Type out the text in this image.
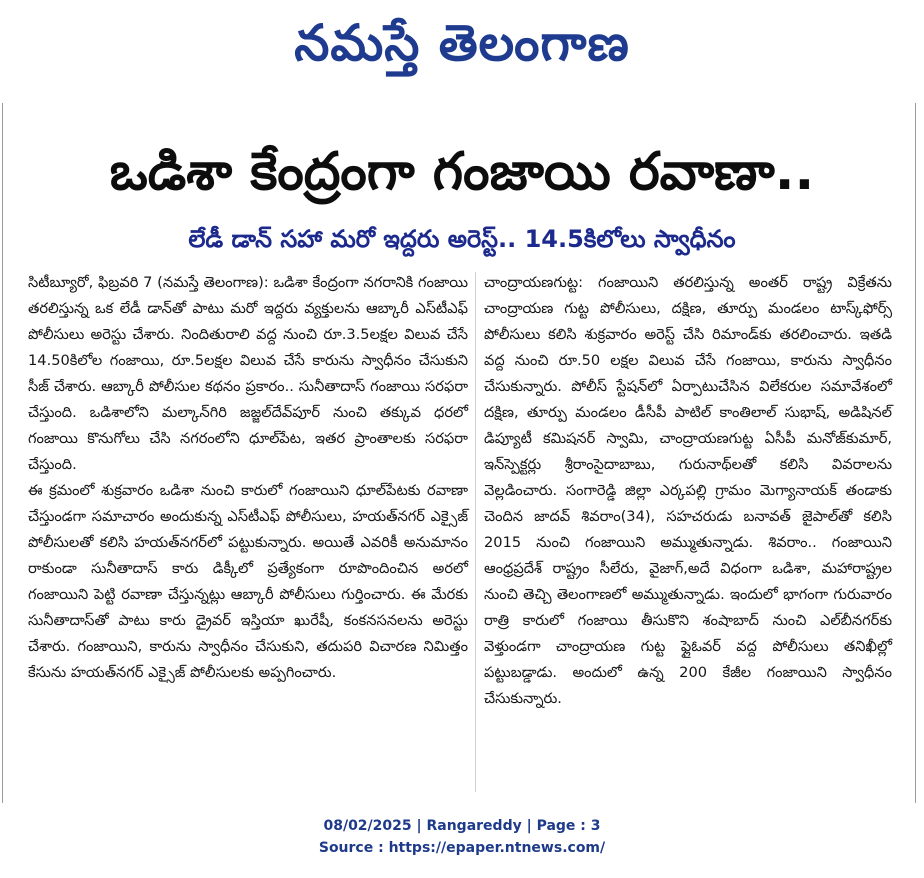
నమస్తే తెలంగాణ
ఒడిశా కేంద్రంగా గంజాయి రవాణా..
లేడీ డాన్ సహా మరో ఇద్దరు అరెస్ట్.. 14.5కిలోలు స్వాధీనం

సిటీబ్యూరో, ఫిబ్రవరి 7 (నమస్తే తెలంగాణ): ఒడిశా కేంద్రంగా నగరానికి గంజాయి తరలిస్తున్న ఒక లేడీ డాన్‌తో పాటు మరో ఇద్దరు వ్యక్తులను ఆబ్కారీ ఎస్‌టీఎఫ్ పోలీసులు అరెస్టు చేశారు. నిందితురాలి వద్ద నుంచి రూ.3.5లక్షల విలువ చేసే 14.50కిలోల గంజాయి, రూ.5లక్షల విలువ చేసే కారును స్వాధీనం చేసుకుని సీజ్ చేశారు. ఆబ్కారీ పోలీసుల కథనం ప్రకారం.. సునీతాదాస్ గంజాయి సరఫరా చేస్తుంది. ఒడిశాలోని మల్కాన్‌గిరి జజ్జల్‌దేవ్‌పూర్ నుంచి తక్కువ ధరలో గంజాయి కొనుగోలు చేసి నగరంలోని ధూల్‌పేట, ఇతర ప్రాంతాలకు సరఫరా చేస్తుంది.

ఈ క్రమంలో శుక్రవారం ఒడిశా నుంచి కారులో గంజాయిని ధూల్‌పేటకు రవాణా చేస్తుండగా సమాచారం అందుకున్న ఎస్‌టీఎఫ్ పోలీసులు, హయత్‌నగర్ ఎక్సైజ్ పోలీసులతో కలిసి హయత్‌నగర్‌లో పట్టుకున్నారు. అయితే ఎవరికీ అనుమానం రాకుండా సునీతాదాస్ కారు డిక్కీలో ప్రత్యేకంగా రూపొందించిన అరలో గంజాయిని పెట్టి రవాణా చేస్తున్నట్లు ఆబ్కారీ పోలీసులు గుర్తించారు. ఈ మేరకు సునీతాదాస్‌తో పాటు కారు డ్రైవర్ ఇస్తియా ఖురేషీ, కంకనసనలను అరెస్టు చేశారు. గంజాయిని, కారును స్వాధీనం చేసుకుని, తదుపరి విచారణ నిమిత్తం కేసును హయత్‌నగర్ ఎక్సైజ్ పోలీసులకు అప్పగించారు.

చాంద్రాయణగుట్ట: గంజాయిని తరలిస్తున్న అంతర్ రాష్ట్ర విక్రేతను చాంద్రాయణ గుట్ట పోలీసులు, దక్షిణ, తూర్పు మండలం టాస్క్‌ఫోర్స్ పోలీసులు కలిసి శుక్రవారం అరెస్ట్ చేసి రిమాండ్‌కు తరలించారు. ఇతడి వద్ద నుంచి రూ.50 లక్షల విలువ చేసే గంజాయి, కారును స్వాధీనం చేసుకున్నారు. పోలీస్ స్టేషన్‌లో ఏర్పాటుచేసిన విలేకరుల సమావేశంలో దక్షిణ, తూర్పు మండలం డీసీపీ పాటిల్ కాంతిలాల్ సుభాష్, అడిషినల్ డిప్యూటీ కమిషనర్ స్వామి, చాంద్రాయణగుట్ట ఏసీపీ మనోజ్‌కుమార్, ఇన్‌స్పెక్టర్లు శ్రీరాంసైదాబాబు, గురునాథ్‌లతో కలిసి వివరాలను వెల్లడించారు. సంగారెడ్డి జిల్లా ఎర్కపల్లి గ్రామం మెగ్యానాయక్ తండాకు చెందిన జాదవ్ శివరాం(34), సహచరుడు బనావత్ జైపాల్‌తో కలిసి 2015 నుంచి గంజాయిని అమ్ముతున్నాడు. శివరాం.. గంజాయిని ఆంధ్రప్రదేశ్ రాష్ట్రం సీలేరు, వైజాగ్,అదే విధంగా ఒడిశా, మహారాష్ట్రల నుంచి తెచ్చి తెలంగాణలో అమ్ముతున్నాడు. ఇందులో భాగంగా గురువారం రాత్రి కారులో గంజాయి తీసుకొని శంషాబాద్ నుంచి ఎల్‌బీనగర్‌కు వెళ్తుండగా చాంద్రాయణ గుట్ట ఫ్లైఓవర్ వద్ద పోలీసులు తనిఖీల్లో పట్టుబడ్డాడు. అందులో ఉన్న 200 కేజీల గంజాయిని స్వాధీనం చేసుకున్నారు.

08/02/2025 | Rangareddy | Page : 3
Source : https://epaper.ntnews.com/
